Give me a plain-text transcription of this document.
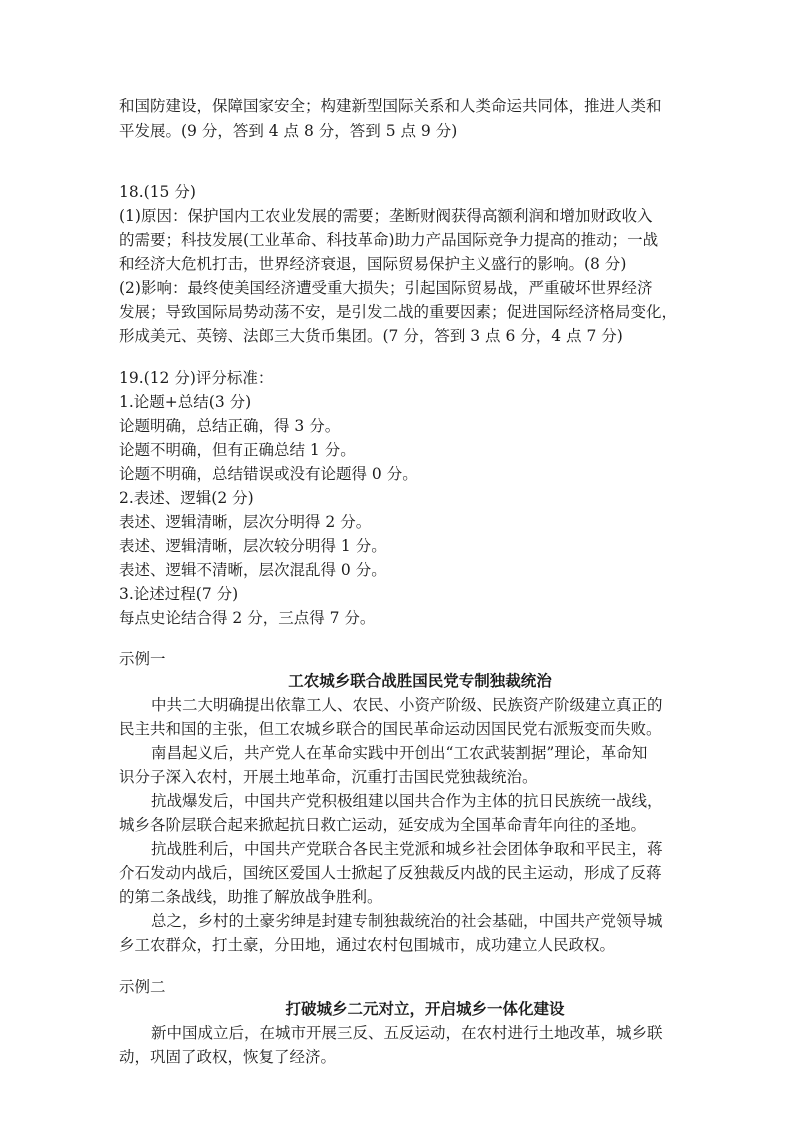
和国防建设，保障国家安全；构建新型国际关系和人类命运共同体，推进人类和
平发展。(9 分，答到 4 点 8 分，答到 5 点 9 分)
18.(15 分)
(1)原因：保护国内工农业发展的需要；垄断财阀获得高额利润和增加财政收入
的需要；科技发展(工业革命、科技革命)助力产品国际竞争力提高的推动；一战
和经济大危机打击，世界经济衰退，国际贸易保护主义盛行的影响。(8 分)
(2)影响：最终使美国经济遭受重大损失；引起国际贸易战，严重破坏世界经济
发展；导致国际局势动荡不安，是引发二战的重要因素；促进国际经济格局变化，
形成美元、英镑、法郎三大货币集团。(7 分，答到 3 点 6 分，4 点 7 分)
19.(12 分)评分标准：
1.论题+总结(3 分)
论题明确，总结正确，得 3 分。
论题不明确，但有正确总结 1 分。
论题不明确，总结错误或没有论题得 0 分。
2.表述、逻辑(2 分)
表述、逻辑清晰，层次分明得 2 分。
表述、逻辑清晰，层次较分明得 1 分。
表述、逻辑不清晰，层次混乱得 0 分。
3.论述过程(7 分)
每点史论结合得 2 分，三点得 7 分。
示例一
工农城乡联合战胜国民党专制独裁统治
中共二大明确提出依靠工人、农民、小资产阶级、民族资产阶级建立真正的
民主共和国的主张，但工农城乡联合的国民革命运动因国民党右派叛变而失败。
南昌起义后，共产党人在革命实践中开创出“工农武装割据”理论，革命知
识分子深入农村，开展土地革命，沉重打击国民党独裁统治。
抗战爆发后，中国共产党积极组建以国共合作为主体的抗日民族统一战线，
城乡各阶层联合起来掀起抗日救亡运动，延安成为全国革命青年向往的圣地。
抗战胜利后，中国共产党联合各民主党派和城乡社会团体争取和平民主，蒋
介石发动内战后，国统区爱国人士掀起了反独裁反内战的民主运动，形成了反蒋
的第二条战线，助推了解放战争胜利。
总之，乡村的土豪劣绅是封建专制独裁统治的社会基础，中国共产党领导城
乡工农群众，打土豪，分田地，通过农村包围城市，成功建立人民政权。
示例二
打破城乡二元对立，开启城乡一体化建设
新中国成立后，在城市开展三反、五反运动，在农村进行土地改革，城乡联
动，巩固了政权，恢复了经济。
